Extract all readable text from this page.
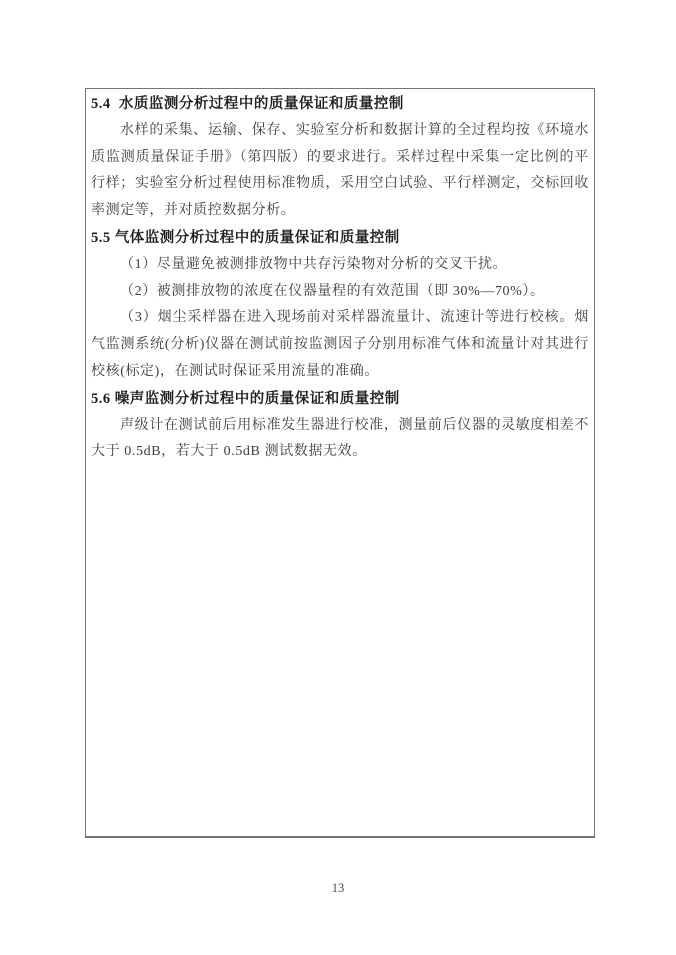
5.4  水质监测分析过程中的质量保证和质量控制

水样的采集、运输、保存、实验室分析和数据计算的全过程均按《环境水质监测质量保证手册》（第四版）的要求进行。采样过程中采集一定比例的平行样；实验室分析过程使用标准物质，采用空白试验、平行样测定，交标回收率测定等，并对质控数据分析。

5.5 气体监测分析过程中的质量保证和质量控制

（1）尽量避免被测排放物中共存污染物对分析的交叉干扰。

（2）被测排放物的浓度在仪器量程的有效范围（即 30%—70%）。

（3）烟尘采样器在进入现场前对采样器流量计、流速计等进行校核。烟气监测系统(分析)仪器在测试前按监测因子分别用标准气体和流量计对其进行校核(标定)，在测试时保证采用流量的准确。

5.6 噪声监测分析过程中的质量保证和质量控制

声级计在测试前后用标准发生器进行校准，测量前后仪器的灵敏度相差不大于 0.5dB，若大于 0.5dB 测试数据无效。

13
